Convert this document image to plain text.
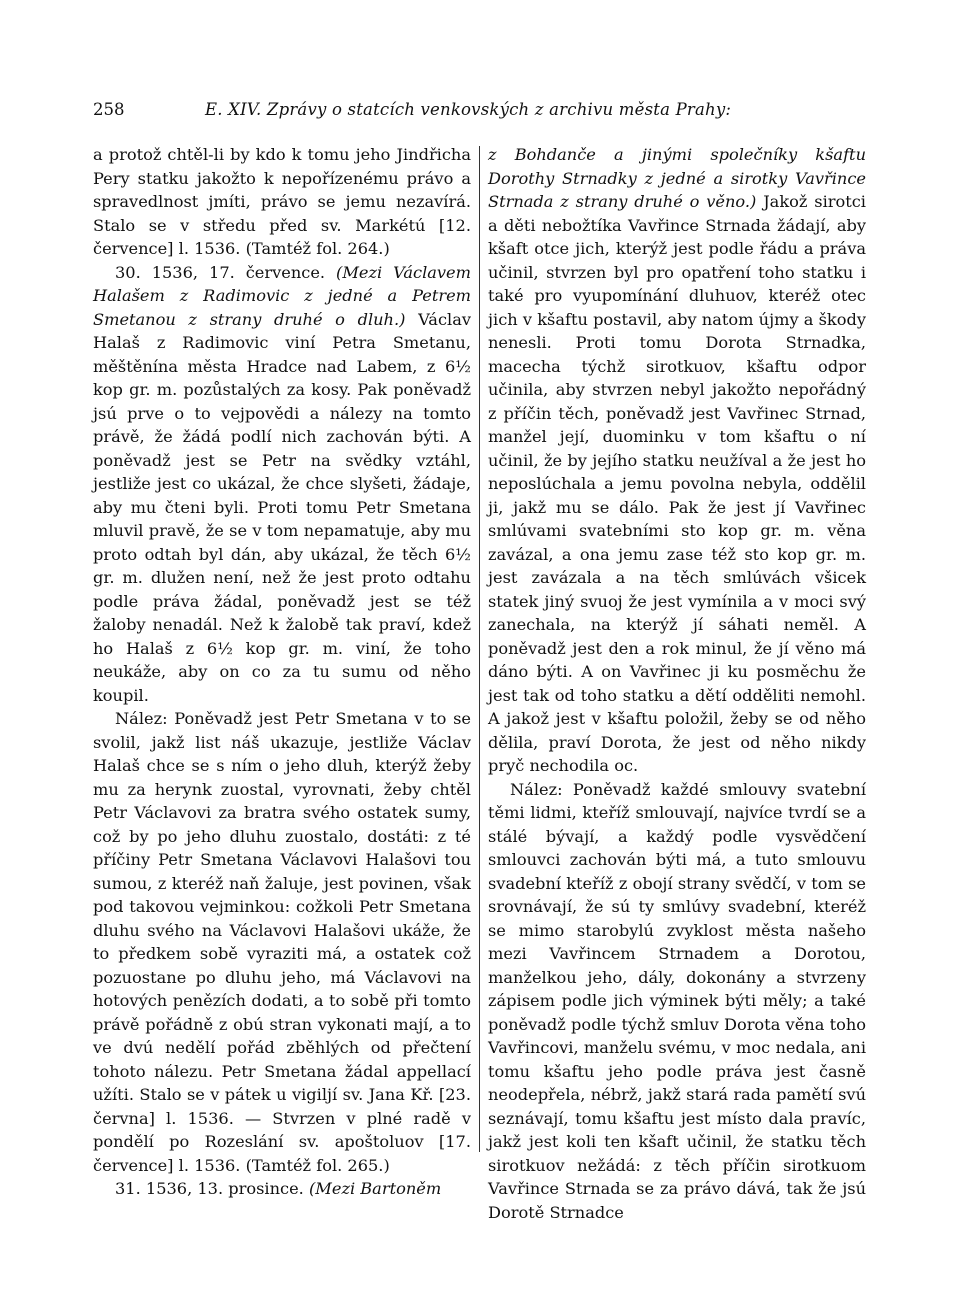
258	E. XIV. Zprávy o statcích venkovských z archivu města Prahy:

a protož chtěl-li by kdo k tomu jeho Jindřicha Pery statku jakožto k nepořízenému právo a spravedlnost jmíti, právo se jemu nezavírá. Stalo se v středu před sv. Markétú [12. července] l. 1536. (Tamtéž fol. 264.)

30. 1536, 17. července. (Mezi Václavem Halašem z Radimovic z jedné a Petrem Smetanou z strany druhé o dluh.) Václav Halaš z Radimovic viní Petra Smetanu, měštěnína města Hradce nad Labem, z 6½ kop gr. m. pozůstalých za kosy. Pak poněvadž jsú prve o to vejpovědi a nálezy na tomto právě, že žádá podlí nich zachován býti. A poněvadž jest se Petr na svědky vztáhl, jestliže jest co ukázal, že chce slyšeti, žádaje, aby mu čteni byli. Proti tomu Petr Smetana mluvil pravě, že se v tom nepamatuje, aby mu proto odtah byl dán, aby ukázal, že těch 6½ gr. m. dlužen není, než že jest proto odtahu podle práva žádal, poněvadž jest se též žaloby nenadál. Než k žalobě tak praví, kdež ho Halaš z 6½ kop gr. m. viní, že toho neukáže, aby on co za tu sumu od něho koupil.

Nález: Poněvadž jest Petr Smetana v to se svolil, jakž list náš ukazuje, jestliže Václav Halaš chce se s ním o jeho dluh, kterýž žeby mu za herynk zuostal, vyrovnati, žeby chtěl Petr Václavovi za bratra svého ostatek sumy, což by po jeho dluhu zuostalo, dostáti: z té příčiny Petr Smetana Václavovi Halašovi tou sumou, z kteréž naň žaluje, jest povinen, však pod takovou vejminkou: cožkoli Petr Smetana dluhu svého na Václavovi Halašovi ukáže, že to předkem sobě vyraziti má, a ostatek což pozuostane po dluhu jeho, má Václavovi na hotových penězích dodati, a to sobě při tomto právě pořádně z obú stran vykonati mají, a to ve dvú nedělí pořád zběhlých od přečtení tohoto nálezu. Petr Smetana žádal appellací užíti. Stalo se v pátek u vigiljí sv. Jana Kř. [23. června] l. 1536. — Stvrzen v plné radě v pondělí po Rozeslání sv. apoštoluov [17. července] l. 1536. (Tamtéž fol. 265.)

31. 1536, 13. prosince. (Mezi Bartoněm

z Bohdanče a jinými společníky kšaftu Dorothy Strnadky z jedné a sirotky Vavřince Strnada z strany druhé o věno.) Jakož sirotci a děti nebožtíka Vavřince Strnada žádají, aby kšaft otce jich, kterýž jest podle řádu a práva učinil, stvrzen byl pro opatření toho statku i také pro vyupomínání dluhuov, kteréž otec jich v kšaftu postavil, aby natom újmy a škody nenesli. Proti tomu Dorota Strnadka, macecha týchž sirotkuov, kšaftu odpor učinila, aby stvrzen nebyl jakožto nepořádný z příčin těch, poněvadž jest Vavřinec Strnad, manžel její, duominku v tom kšaftu o ní učinil, že by jejího statku neužíval a že jest ho neposlúchala a jemu povolna nebyla, oddělil ji, jakž mu se dálo. Pak že jest jí Vavřinec smlúvami svatebními sto kop gr. m. věna zavázal, a ona jemu zase též sto kop gr. m. jest zavázala a na těch smlúvách všicek statek jiný svuoj že jest vymínila a v moci svý zanechala, na kterýž jí sáhati neměl. A poněvadž jest den a rok minul, že jí věno má dáno býti. A on Vavřinec ji ku posměchu že jest tak od toho statku a dětí odděliti nemohl. A jakož jest v kšaftu položil, žeby se od něho dělila, praví Dorota, že jest od něho nikdy pryč nechodila oc.

Nález: Poněvadž každé smlouvy svatební těmi lidmi, kteříž smlouvají, najvíce tvrdí se a stálé bývají, a každý podle vysvědčení smlouvci zachován býti má, a tuto smlouvu svadební kteříž z obojí strany svědčí, v tom se srovnávají, že sú ty smlúvy svadební, kteréž se mimo starobylú zvyklost města našeho mezi Vavřincem Strnadem a Dorotou, manželkou jeho, dály, dokonány a stvrzeny zápisem podle jich výminek býti měly; a také poněvadž podle týchž smluv Dorota věna toho Vavřincovi, manželu svému, v moc nedala, ani tomu kšaftu jeho podle práva jest časně neodepřela, nébrž, jakž stará rada pamětí svú seznávají, tomu kšaftu jest místo dala pravíc, jakž jest koli ten kšaft učinil, že statku těch sirotkuov nežádá: z těch příčin sirotkuom Vavřince Strnada se za právo dává, tak že jsú Dorotě Strnadce
